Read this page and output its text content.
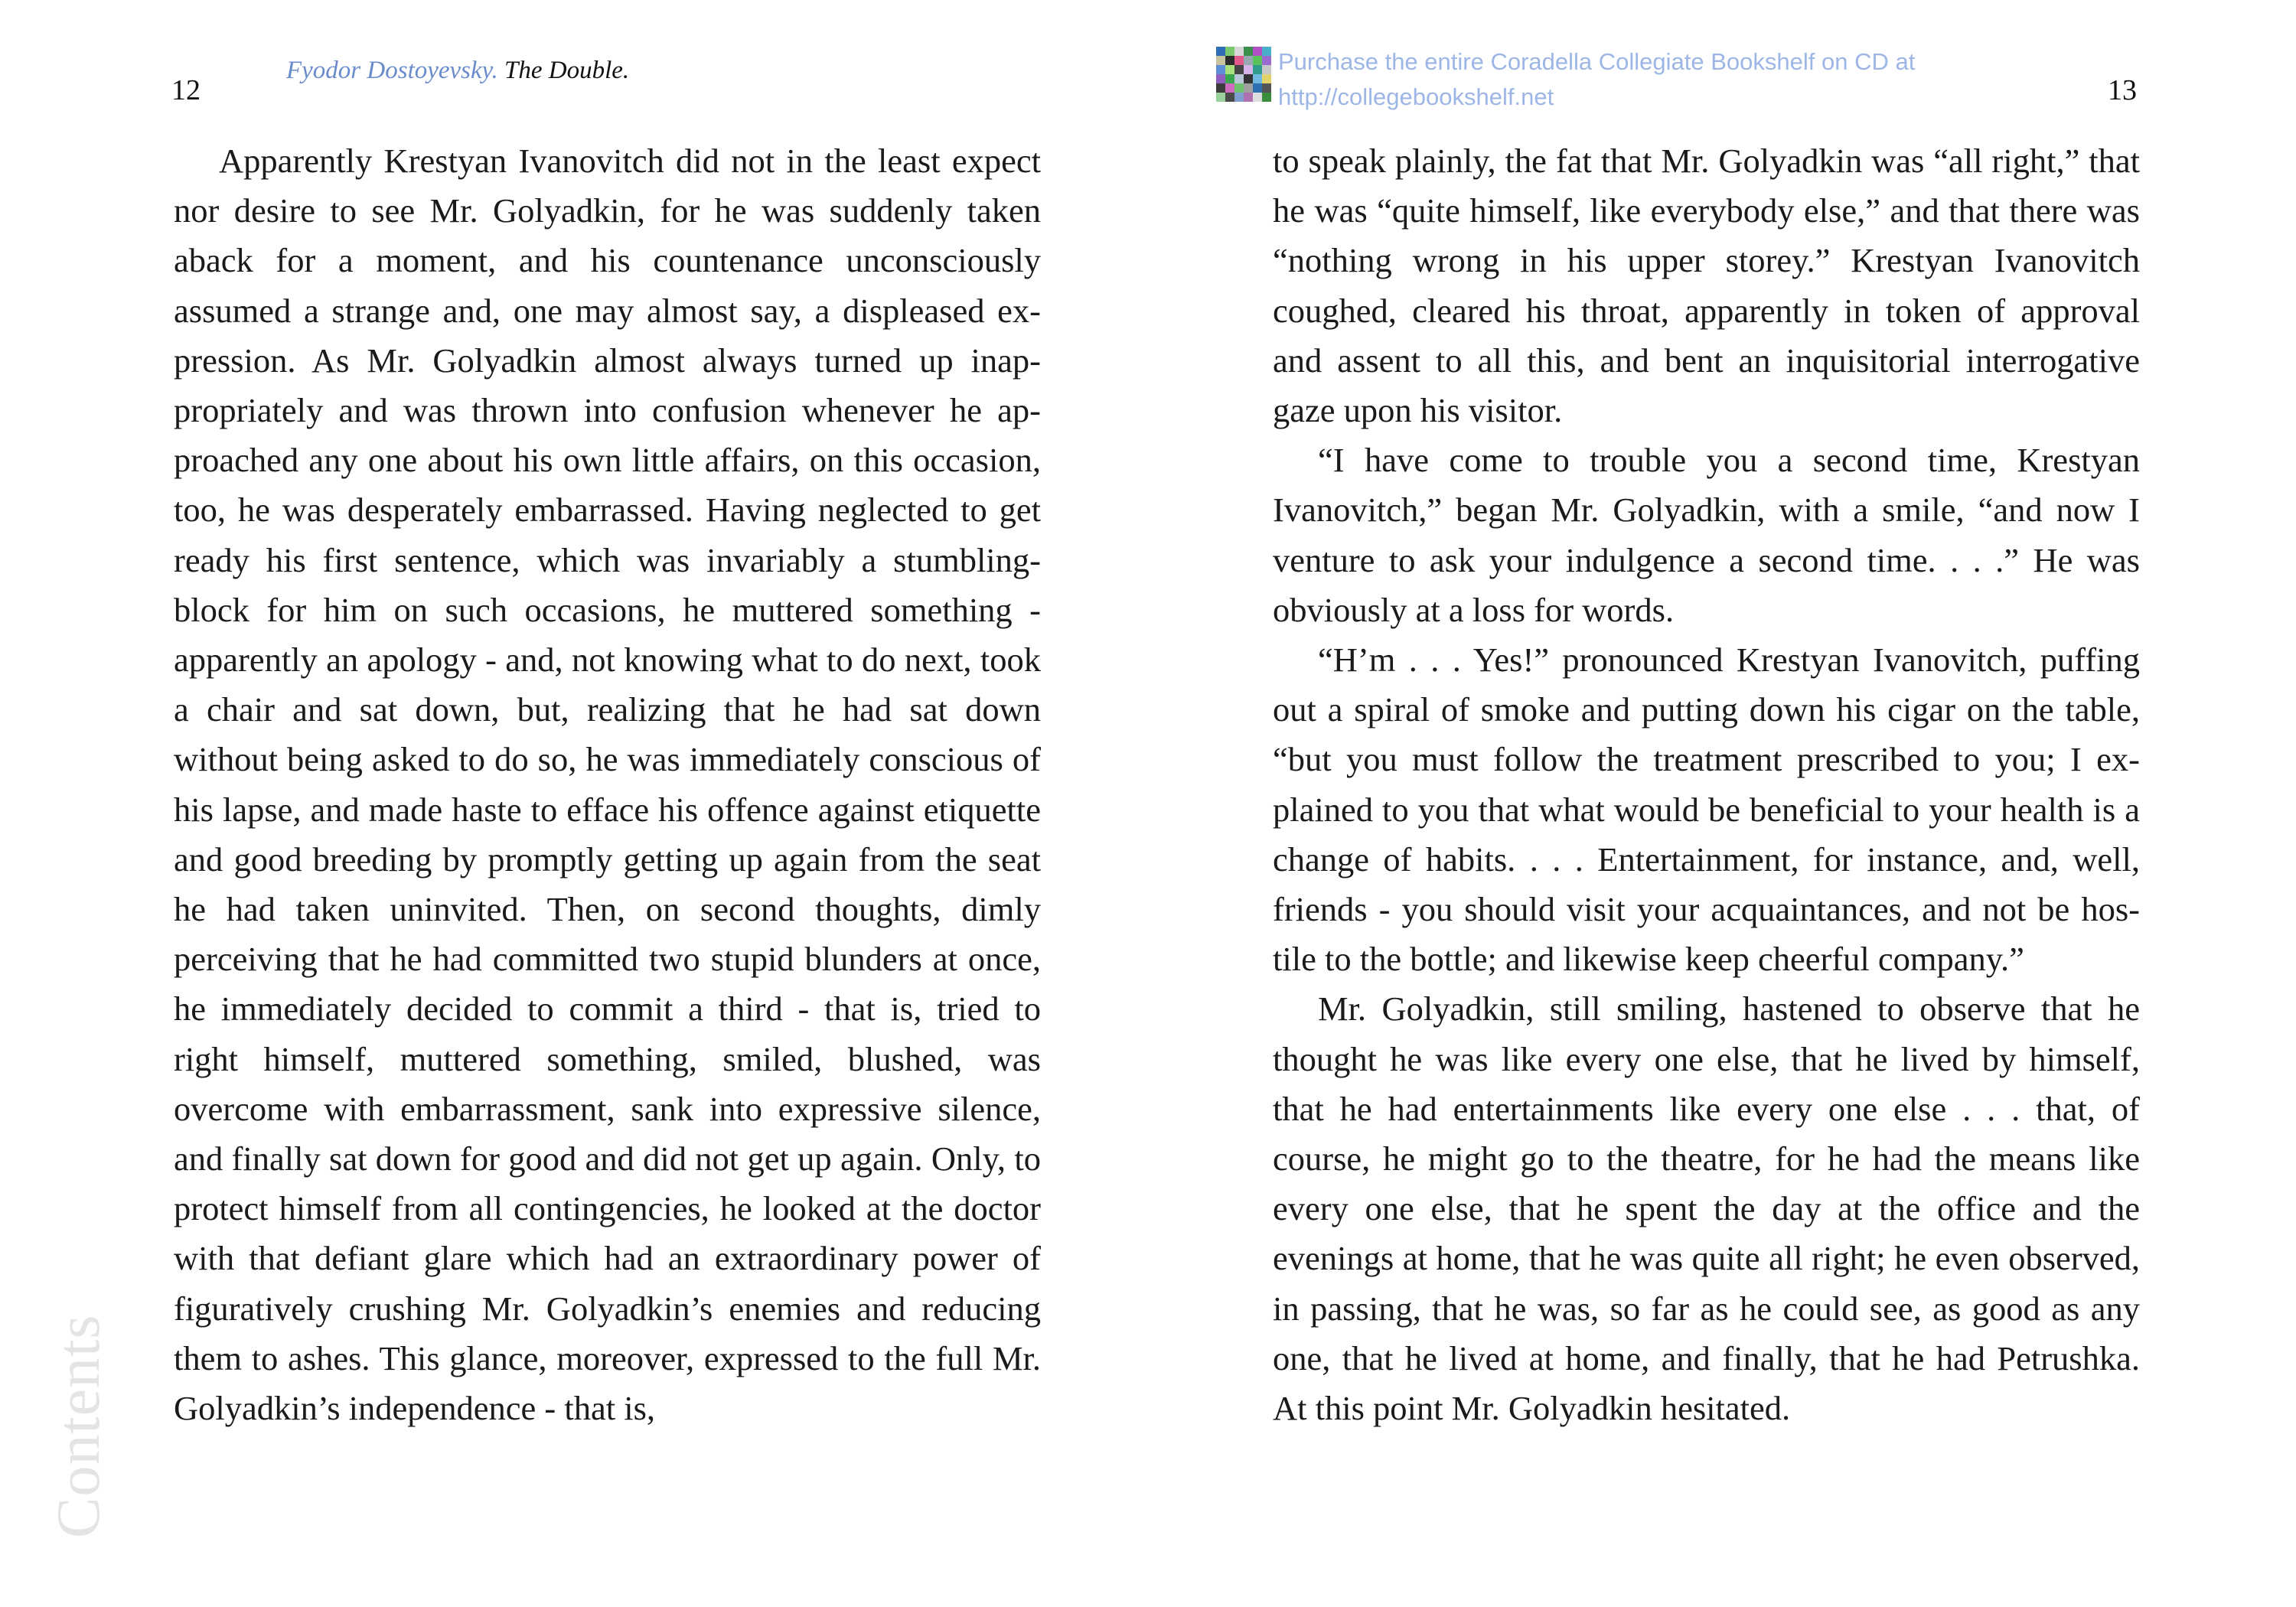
12	13
Fyodor Dostoyevsky. The Double.	Purchase the entire Coradella Collegiate Bookshelf on CD at
http://collegebookshelf.net

Apparently Krestyan Ivanovitch did not in the least expect nor desire to see Mr. Golyadkin, for he was suddenly taken aback for a moment, and his countenance unconsciously assumed a strange and, one may almost say, a displeased expression. As Mr. Golyadkin almost always turned up inappropriately and was thrown into confusion whenever he approached any one about his own little affairs, on this occasion, too, he was desperately embarrassed. Having neglected to get ready his first sentence, which was invariably a stumbling-block for him on such occasions, he muttered something - apparently an apology - and, not knowing what to do next, took a chair and sat down, but, realizing that he had sat down without being asked to do so, he was immediately conscious of his lapse, and made haste to efface his offence against etiquette and good breeding by promptly getting up again from the seat he had taken uninvited. Then, on second thoughts, dimly perceiving that he had committed two stupid blunders at once, he immediately decided to commit a third - that is, tried to right himself, muttered something, smiled, blushed, was overcome with embarrassment, sank into expressive silence, and finally sat down for good and did not get up again. Only, to protect himself from all contingencies, he looked at the doctor with that defiant glare which had an extraordinary power of figuratively crushing Mr. Golyadkin’s enemies and reducing them to ashes. This glance, moreover, expressed to the full Mr. Golyadkin’s independence - that is,

to speak plainly, the fat that Mr. Golyadkin was “all right,” that he was “quite himself, like everybody else,” and that there was “nothing wrong in his upper storey.” Krestyan Ivanovitch coughed, cleared his throat, apparently in token of approval and assent to all this, and bent an inquisitorial interrogative gaze upon his visitor.

“I have come to trouble you a second time, Krestyan Ivanovitch,” began Mr. Golyadkin, with a smile, “and now I venture to ask your indulgence a second time. . . .” He was obviously at a loss for words.

“H’m . . . Yes!” pronounced Krestyan Ivanovitch, puffing out a spiral of smoke and putting down his cigar on the table, “but you must follow the treatment prescribed to you; I explained to you that what would be beneficial to your health is a change of habits. . . . Entertainment, for instance, and, well, friends - you should visit your acquaintances, and not be hostile to the bottle; and likewise keep cheerful company.”

Mr. Golyadkin, still smiling, hastened to observe that he thought he was like every one else, that he lived by himself, that he had entertainments like every one else . . . that, of course, he might go to the theatre, for he had the means like every one else, that he spent the day at the office and the evenings at home, that he was quite all right; he even observed, in passing, that he was, so far as he could see, as good as any one, that he lived at home, and finally, that he had Petrushka. At this point Mr. Golyadkin hesitated.

Contents
